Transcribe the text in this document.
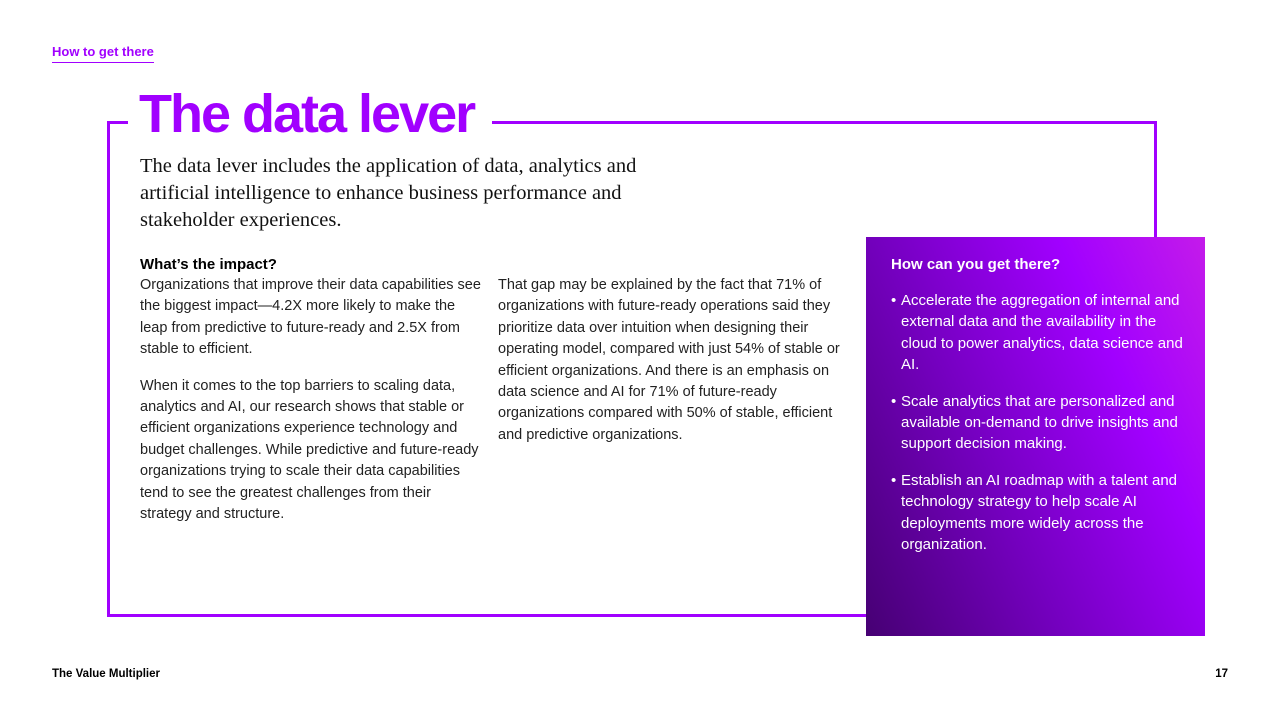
How to get there
The data lever

The data lever includes the application of data, analytics and artificial intelligence to enhance business performance and stakeholder experiences.

What’s the impact?

Organizations that improve their data capabilities see the biggest impact—4.2X more likely to make the leap from predictive to future-ready and 2.5X from stable to efficient.

When it comes to the top barriers to scaling data, analytics and AI, our research shows that stable or efficient organizations experience technology and budget challenges. While predictive and future-ready organizations trying to scale their data capabilities tend to see the greatest challenges from their strategy and structure.

That gap may be explained by the fact that 71% of organizations with future-ready operations said they prioritize data over intuition when designing their operating model, compared with just 54% of stable or efficient organizations. And there is an emphasis on data science and AI for 71% of future-ready organizations compared with 50% of stable, efficient and predictive organizations.

How can you get there?
• Accelerate the aggregation of internal and external data and the availability in the cloud to power analytics, data science and AI.
• Scale analytics that are personalized and available on-demand to drive insights and support decision making.
• Establish an AI roadmap with a talent and technology strategy to help scale AI deployments more widely across the organization.
The Value Multiplier	17
